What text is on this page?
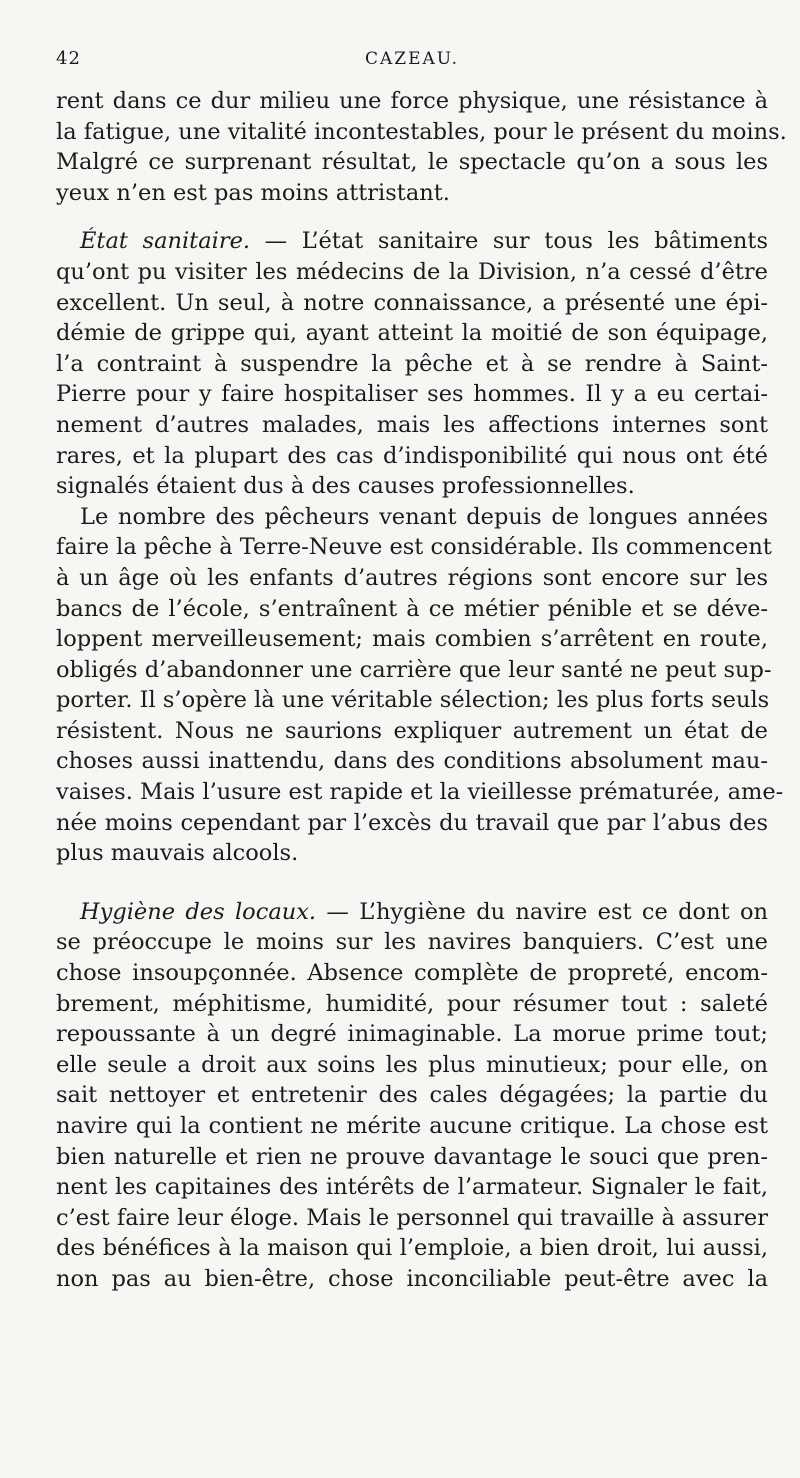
42	CAZEAU.
rent dans ce dur milieu une force physique, une résistance à
la fatigue, une vitalité incontestables, pour le présent du moins.
Malgré ce surprenant résultat, le spectacle qu’on a sous les
yeux n’en est pas moins attristant.
État sanitaire. — L’état sanitaire sur tous les bâtiments
qu’ont pu visiter les médecins de la Division, n’a cessé d’être
excellent. Un seul, à notre connaissance, a présenté une épi-
démie de grippe qui, ayant atteint la moitié de son équipage,
l’a contraint à suspendre la pêche et à se rendre à Saint-
Pierre pour y faire hospitaliser ses hommes. Il y a eu certai-
nement d’autres malades, mais les affections internes sont
rares, et la plupart des cas d’indisponibilité qui nous ont été
signalés étaient dus à des causes professionnelles.
Le nombre des pêcheurs venant depuis de longues années
faire la pêche à Terre-Neuve est considérable. Ils commencent
à un âge où les enfants d’autres régions sont encore sur les
bancs de l’école, s’entraînent à ce métier pénible et se déve-
loppent merveilleusement; mais combien s’arrêtent en route,
obligés d’abandonner une carrière que leur santé ne peut sup-
porter. Il s’opère là une véritable sélection; les plus forts seuls
résistent. Nous ne saurions expliquer autrement un état de
choses aussi inattendu, dans des conditions absolument mau-
vaises. Mais l’usure est rapide et la vieillesse prématurée, ame-
née moins cependant par l’excès du travail que par l’abus des
plus mauvais alcools.
Hygiène des locaux. — L’hygiène du navire est ce dont on
se préoccupe le moins sur les navires banquiers. C’est une
chose insoupçonnée. Absence complète de propreté, encom-
brement, méphitisme, humidité, pour résumer tout : saleté
repoussante à un degré inimaginable. La morue prime tout;
elle seule a droit aux soins les plus minutieux; pour elle, on
sait nettoyer et entretenir des cales dégagées; la partie du
navire qui la contient ne mérite aucune critique. La chose est
bien naturelle et rien ne prouve davantage le souci que pren-
nent les capitaines des intérêts de l’armateur. Signaler le fait,
c’est faire leur éloge. Mais le personnel qui travaille à assurer
des bénéfices à la maison qui l’emploie, a bien droit, lui aussi,
non pas au bien-être, chose inconciliable peut-être avec la
